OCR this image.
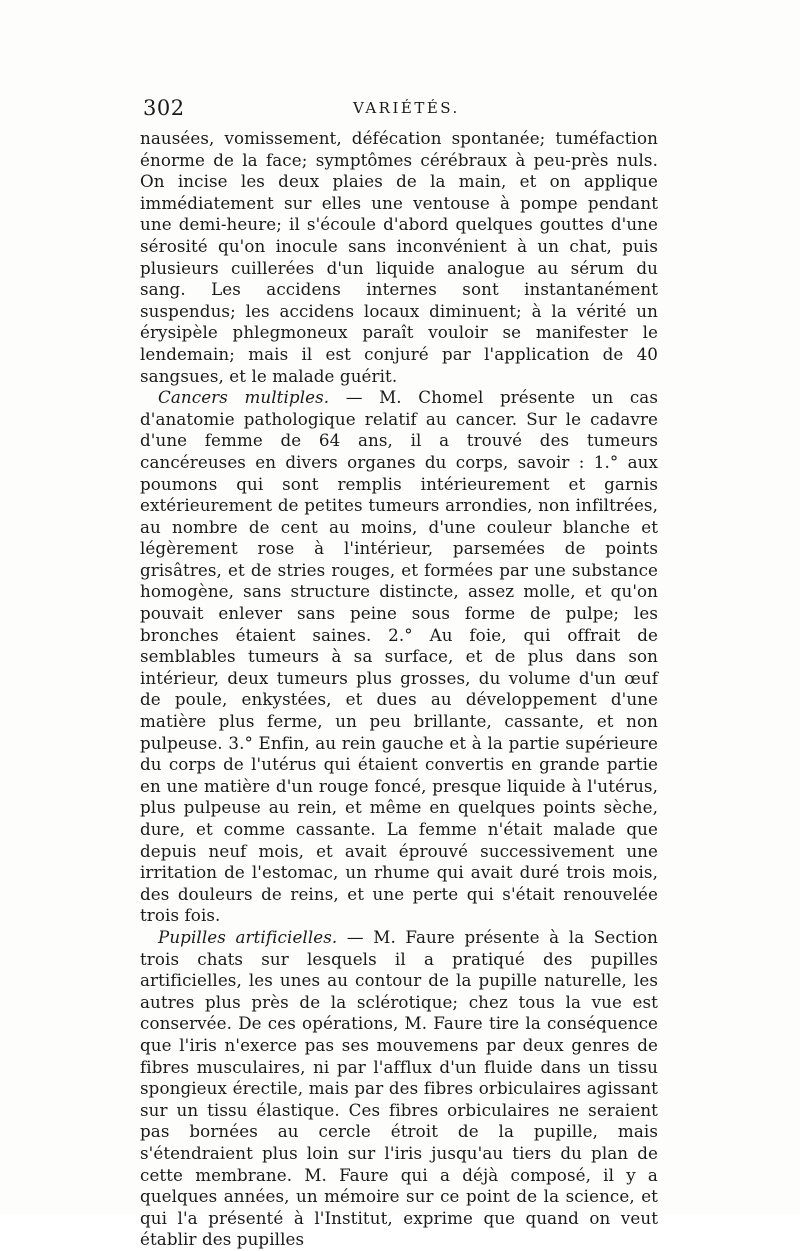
302	VARIÉTÉS.

nausées, vomissement, défécation spontanée; tuméfaction énorme de la face; symptômes cérébraux à peu-près nuls. On incise les deux plaies de la main, et on applique immédiatement sur elles une ventouse à pompe pendant une demi-heure; il s'écoule d'abord quelques gouttes d'une sérosité qu'on inocule sans inconvénient à un chat, puis plusieurs cuillerées d'un liquide analogue au sérum du sang. Les accidens internes sont instantanément suspendus; les accidens locaux diminuent; à la vérité un érysipèle phlegmoneux paraît vouloir se manifester le lendemain; mais il est conjuré par l'application de 40 sangsues, et le malade guérit.

Cancers multiples. — M. Chomel présente un cas d'anatomie pathologique relatif au cancer. Sur le cadavre d'une femme de 64 ans, il a trouvé des tumeurs cancéreuses en divers organes du corps, savoir : 1.° aux poumons qui sont remplis intérieurement et garnis extérieurement de petites tumeurs arrondies, non infiltrées, au nombre de cent au moins, d'une couleur blanche et légèrement rose à l'intérieur, parsemées de points grisâtres, et de stries rouges, et formées par une substance homogène, sans structure distincte, assez molle, et qu'on pouvait enlever sans peine sous forme de pulpe; les bronches étaient saines. 2.° Au foie, qui offrait de semblables tumeurs à sa surface, et de plus dans son intérieur, deux tumeurs plus grosses, du volume d'un œuf de poule, enkystées, et dues au développement d'une matière plus ferme, un peu brillante, cassante, et non pulpeuse. 3.° Enfin, au rein gauche et à la partie supérieure du corps de l'utérus qui étaient convertis en grande partie en une matière d'un rouge foncé, presque liquide à l'utérus, plus pulpeuse au rein, et même en quelques points sèche, dure, et comme cassante. La femme n'était malade que depuis neuf mois, et avait éprouvé successivement une irritation de l'estomac, un rhume qui avait duré trois mois, des douleurs de reins, et une perte qui s'était renouvelée trois fois.

Pupilles artificielles. — M. Faure présente à la Section trois chats sur lesquels il a pratiqué des pupilles artificielles, les unes au contour de la pupille naturelle, les autres plus près de la sclérotique; chez tous la vue est conservée. De ces opérations, M. Faure tire la conséquence que l'iris n'exerce pas ses mouvemens par deux genres de fibres musculaires, ni par l'afflux d'un fluide dans un tissu spongieux érectile, mais par des fibres orbiculaires agissant sur un tissu élastique. Ces fibres orbiculaires ne seraient pas bornées au cercle étroit de la pupille, mais s'étendraient plus loin sur l'iris jusqu'au tiers du plan de cette membrane. M. Faure qui a déjà composé, il y a quelques années, un mémoire sur ce point de la science, et qui l'a présenté à l'Institut, exprime que quand on veut établir des pupilles
